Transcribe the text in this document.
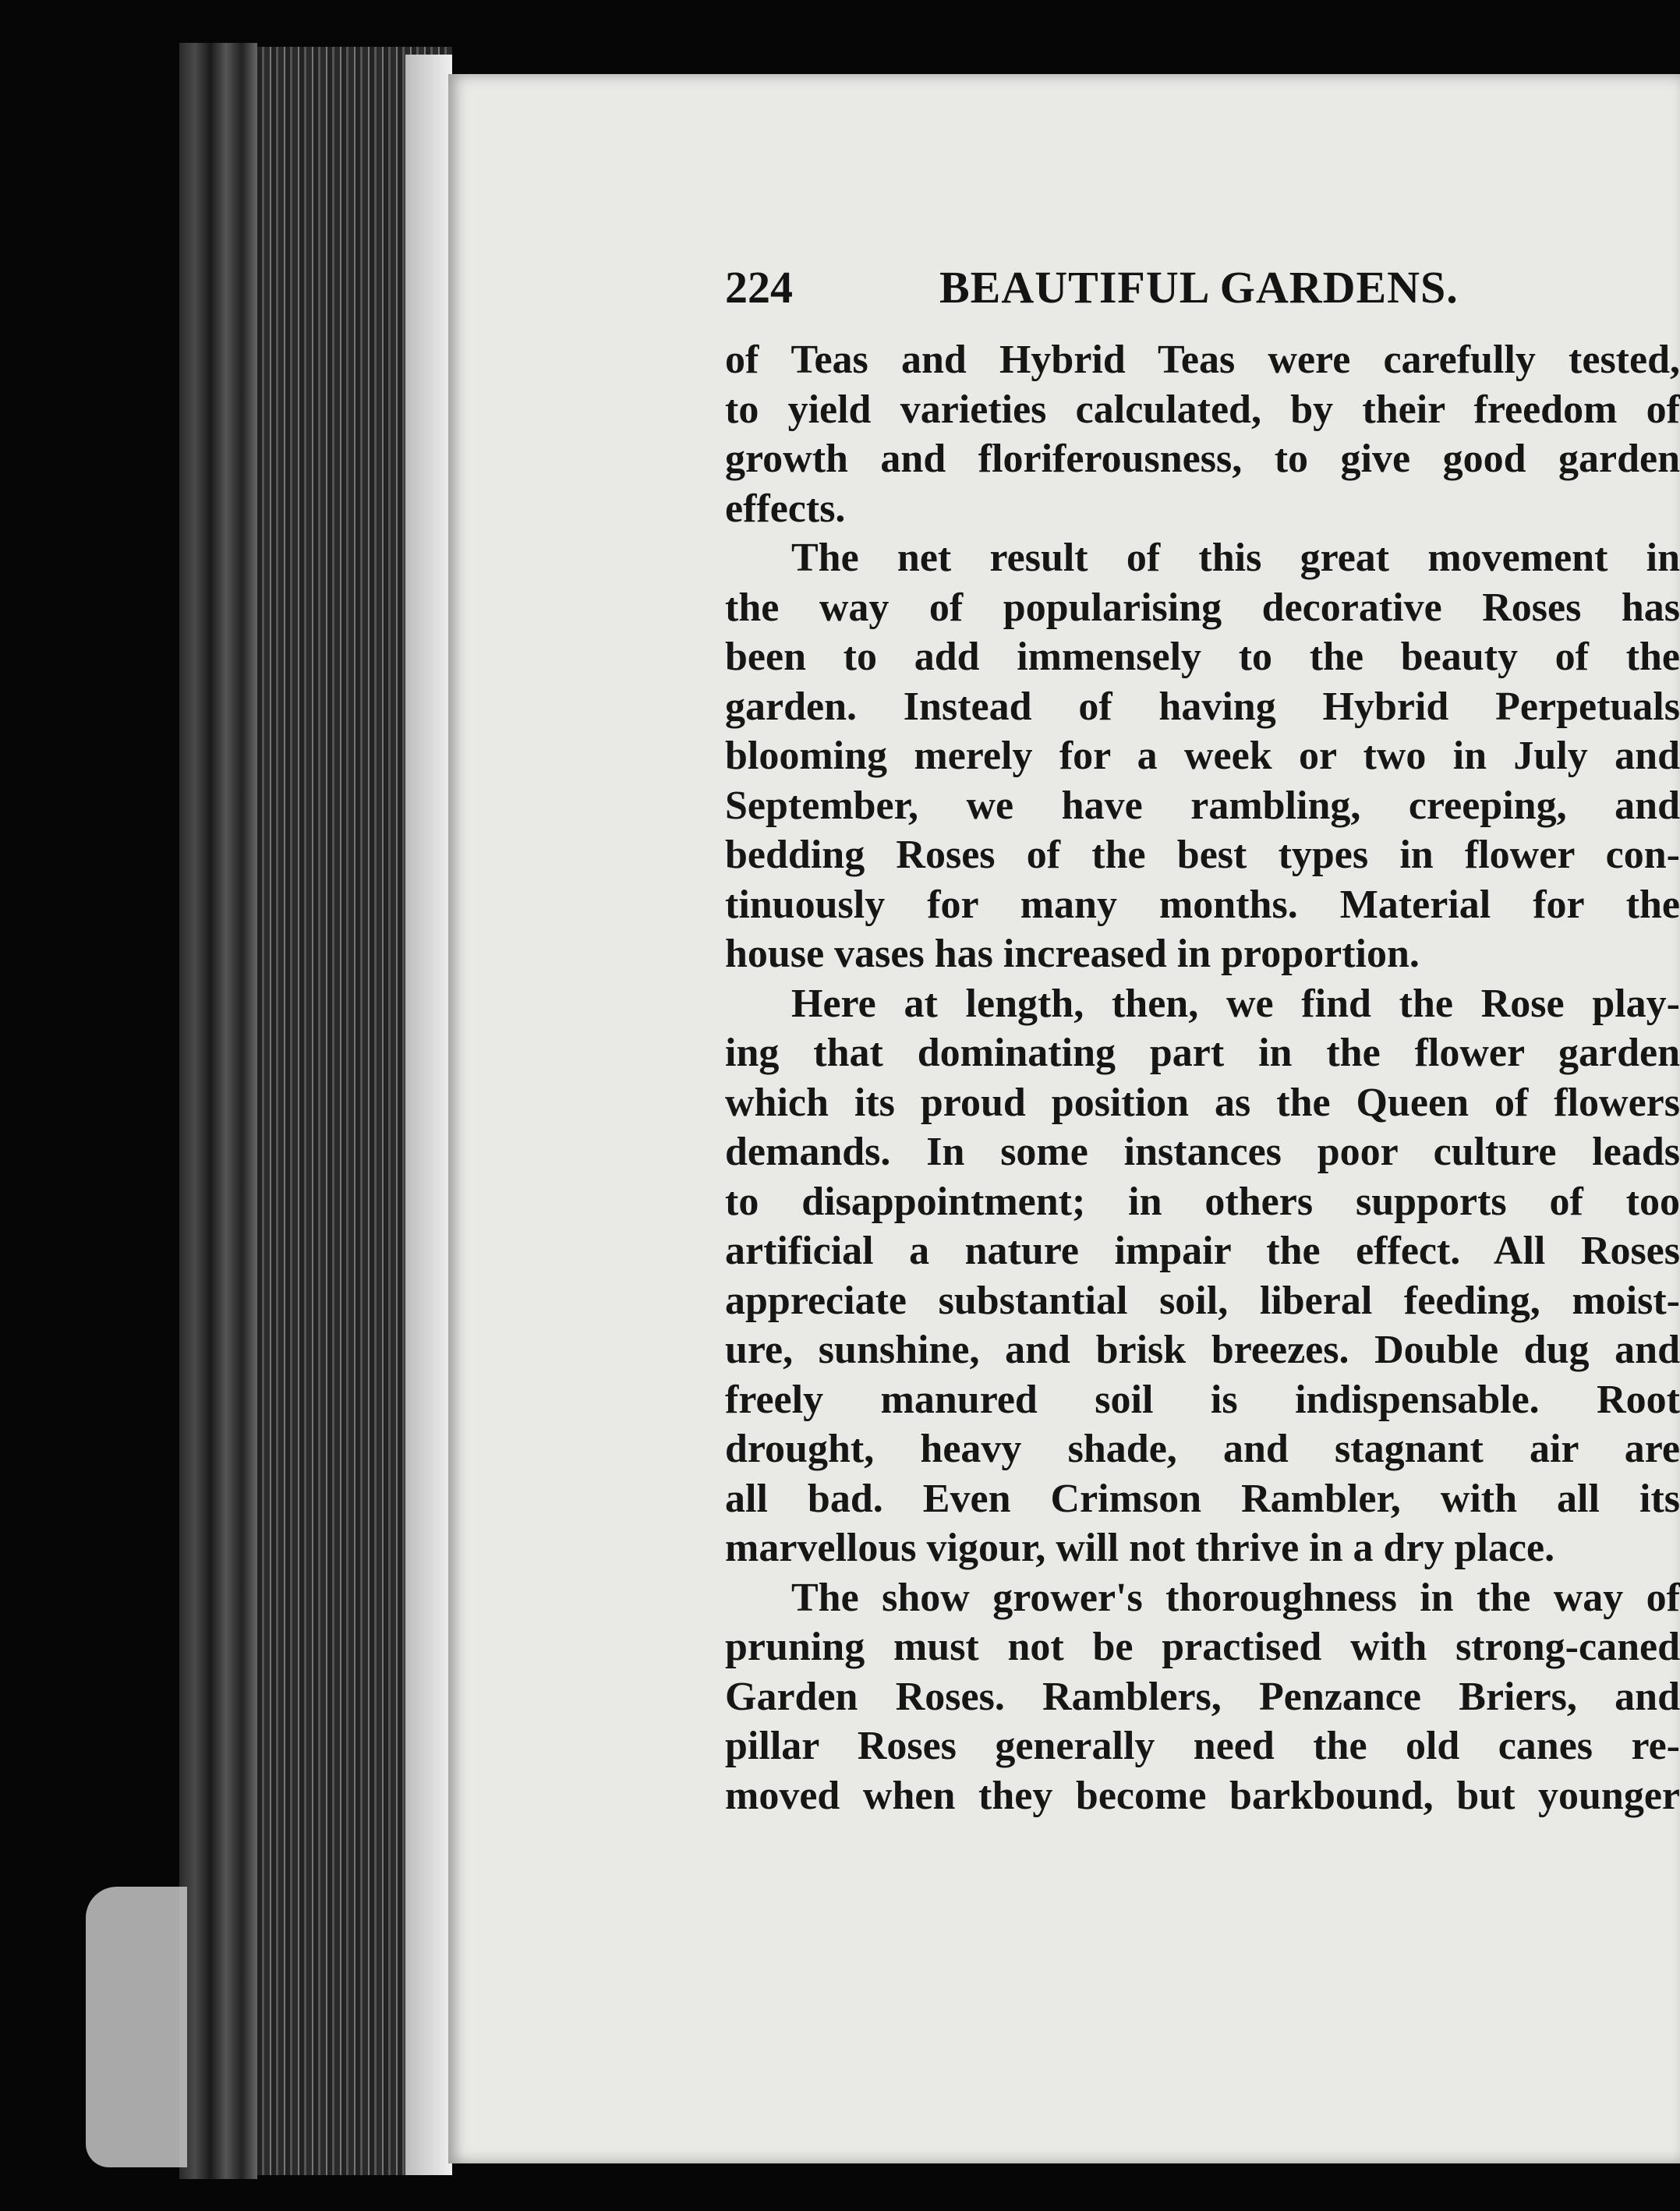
224	BEAUTIFUL GARDENS.
of Teas and Hybrid Teas were carefully tested,
to yield varieties calculated, by their freedom of
growth and floriferousness, to give good garden
effects.
The net result of this great movement in
the way of popularising decorative Roses has
been to add immensely to the beauty of the
garden. Instead of having Hybrid Perpetuals
blooming merely for a week or two in July and
September, we have rambling, creeping, and
bedding Roses of the best types in flower con-
tinuously for many months. Material for the
house vases has increased in proportion.
Here at length, then, we find the Rose play-
ing that dominating part in the flower garden
which its proud position as the Queen of flowers
demands. In some instances poor culture leads
to disappointment; in others supports of too
artificial a nature impair the effect. All Roses
appreciate substantial soil, liberal feeding, moist-
ure, sunshine, and brisk breezes. Double dug and
freely manured soil is indispensable. Root
drought, heavy shade, and stagnant air are
all bad. Even Crimson Rambler, with all its
marvellous vigour, will not thrive in a dry place.
The show grower's thoroughness in the way of
pruning must not be practised with strong-caned
Garden Roses. Ramblers, Penzance Briers, and
pillar Roses generally need the old canes re-
moved when they become barkbound, but younger
